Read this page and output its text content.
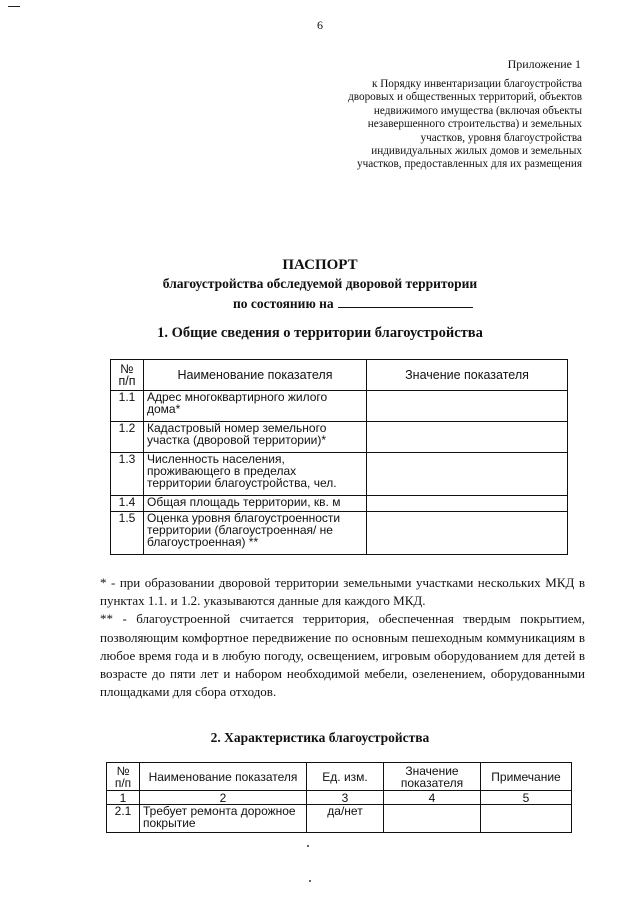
6
Приложение 1
к Порядку инвентаризации благоустройства
дворовых и общественных территорий, объектов
недвижимого имущества (включая объекты
незавершенного строительства) и земельных
участков, уровня благоустройства
индивидуальных жилых домов и земельных
участков, предоставленных для их размещения
ПАСПОРТ
благоустройства обследуемой дворовой территории
по состоянию на
1. Общие сведения о территории благоустройства
№ п/п	Наименование показателя	Значение показателя
1.1	Адрес многоквартирного жилого дома*	
1.2	Кадастровый номер земельного участка (дворовой территории)*	
1.3	Численность населения, проживающего в пределах территории благоустройства, чел.	
1.4	Общая площадь территории, кв. м	
1.5	Оценка уровня благоустроенности территории (благоустроенная/ не благоустроенная) **	

* - при образовании дворовой территории земельными участками нескольких МКД в пунктах 1.1. и 1.2. указываются данные для каждого МКД.

** - благоустроенной считается территория, обеспеченная твердым покрытием, позволяющим комфортное передвижение по основным пешеходным коммуникациям в любое время года и в любую погоду, освещением, игровым оборудованием для детей в возрасте до пяти лет и набором необходимой мебели, озеленением, оборудованными площадками для сбора отходов.

2. Характеристика благоустройства
№ п/п	Наименование показателя	Ед. изм.	Значение показателя	Примечание
1	2	3	4	5
2.1	Требует ремонта дорожное покрытие	да/нет		
